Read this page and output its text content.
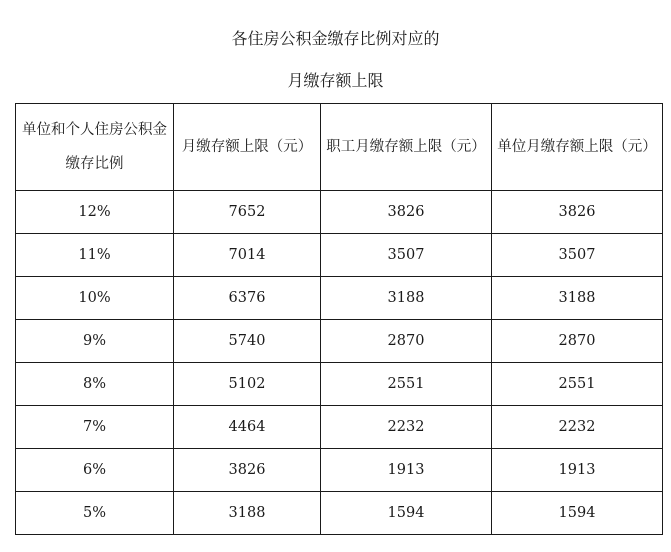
各住房公积金缴存比例对应的
月缴存额上限
单位和个人住房公积金缴存比例	月缴存额上限（元）	职工月缴存额上限（元）	单位月缴存额上限（元）

12%	7652	3826	3826
11%	7014	3507	3507
10%	6376	3188	3188
9%	5740	2870	2870
8%	5102	2551	2551
7%	4464	2232	2232
6%	3826	1913	1913
5%	3188	1594	1594
